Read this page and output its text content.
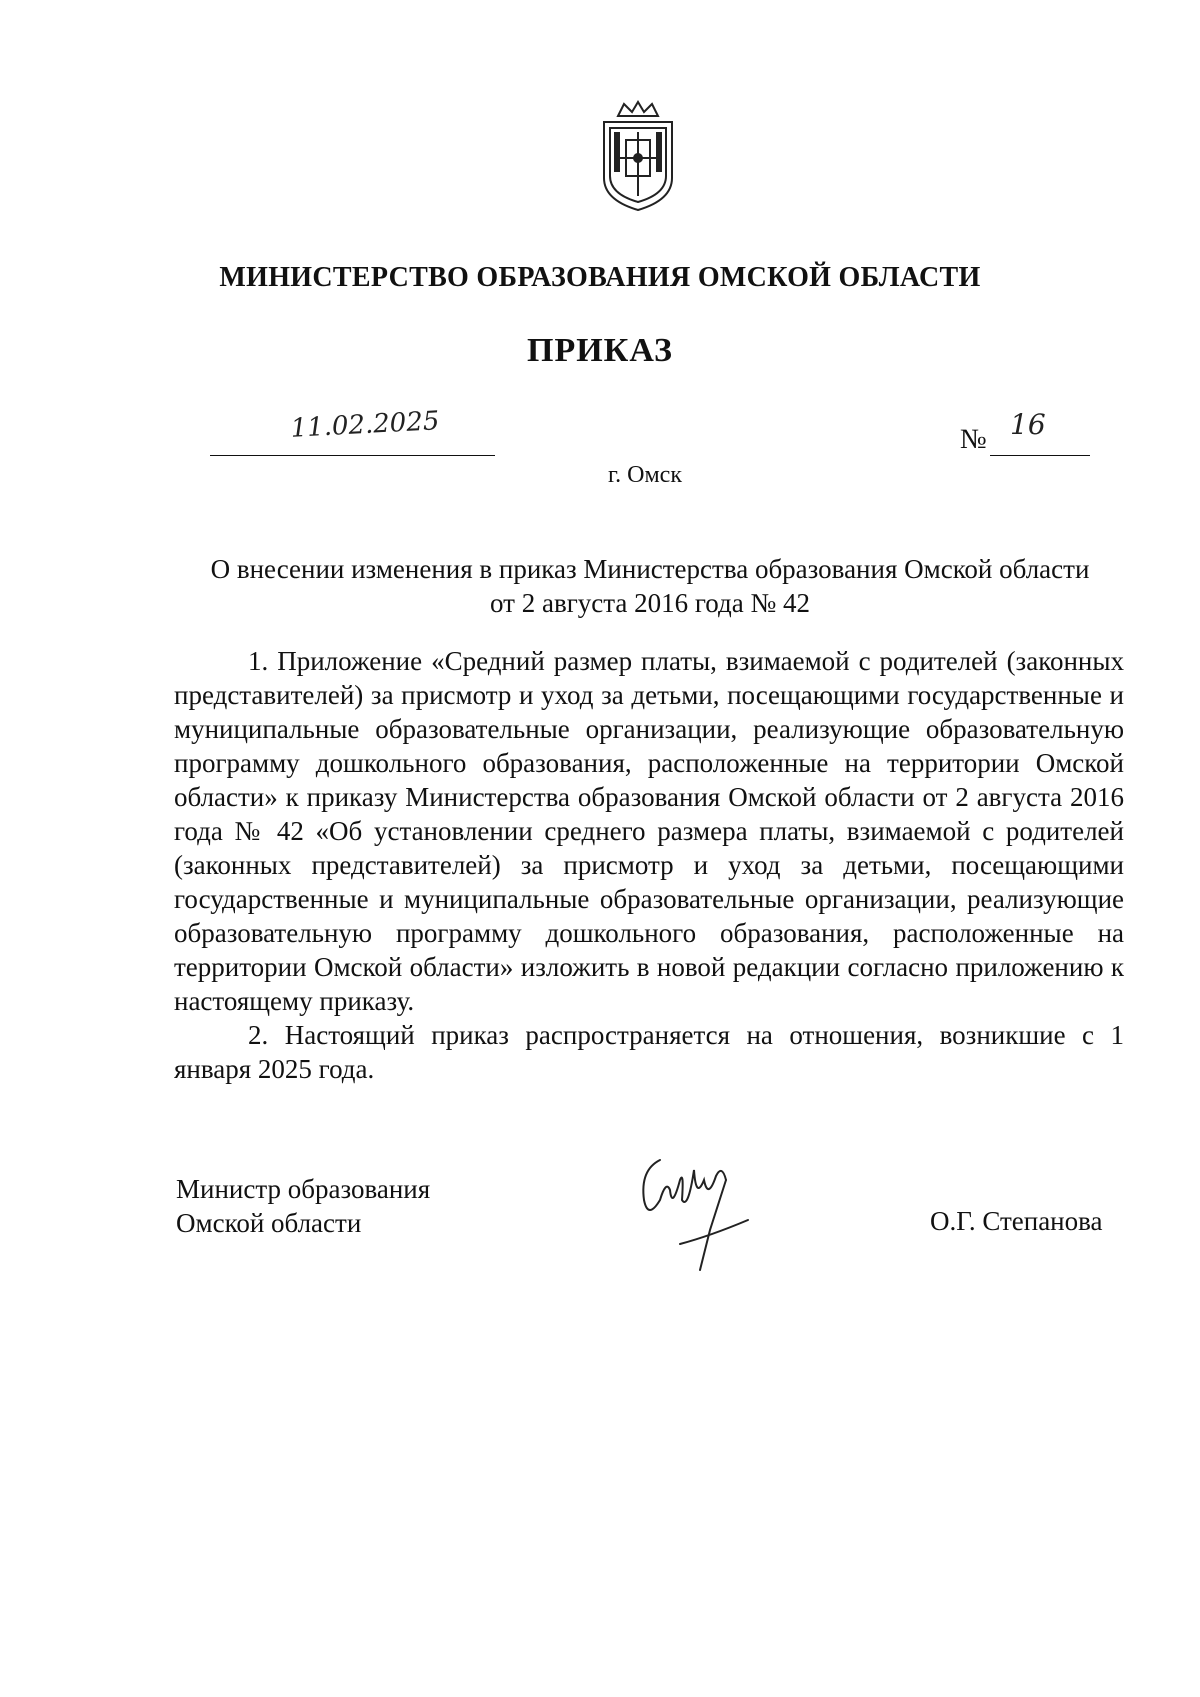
МИНИСТЕРСТВО ОБРАЗОВАНИЯ ОМСКОЙ ОБЛАСТИ
ПРИКАЗ
11.02.2025	№ 16
г. Омск
О внесении изменения в приказ Министерства образования Омской области
от 2 августа 2016 года № 42

1. Приложение «Средний размер платы, взимаемой с родителей (законных представителей) за присмотр и уход за детьми, посещающими государственные и муниципальные образовательные организации, реализующие образовательную программу дошкольного образования, расположенные на территории Омской области» к приказу Министерства образования Омской области от 2 августа 2016 года № 42 «Об установлении среднего размера платы, взимаемой с родителей (законных представителей) за присмотр и уход за детьми, посещающими государственные и муниципальные образовательные организации, реализующие образовательную программу дошкольного образования, расположенные на территории Омской области» изложить в новой редакции согласно приложению к настоящему приказу.

2. Настоящий приказ распространяется на отношения, возникшие с 1 января 2025 года.

Министр образования
Омской области	О.Г. Степанова
